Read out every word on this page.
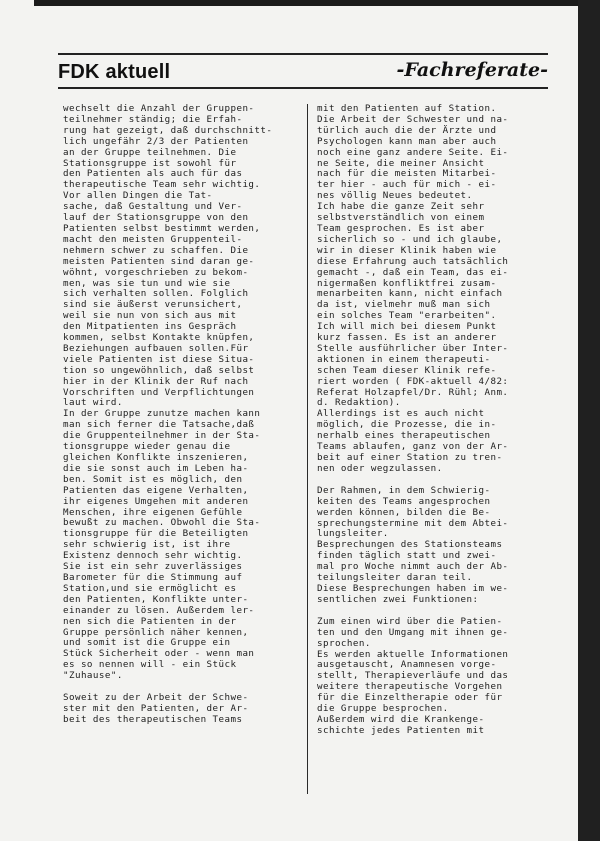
FDK aktuell	-Fachreferate-

wechselt die Anzahl der Gruppen-
teilnehmer ständig; die Erfah-
rung hat gezeigt, daß durchschnitt-
lich ungefähr 2/3 der Patienten
an der Gruppe teilnehmen. Die
Stationsgruppe ist sowohl für
den Patienten als auch für das
therapeutische Team sehr wichtig.
Vor allen Dingen die Tat-
sache, daß Gestaltung und Ver-
lauf der Stationsgruppe von den
Patienten selbst bestimmt werden,
macht den meisten Gruppenteil-
nehmern schwer zu schaffen. Die
meisten Patienten sind daran ge-
wöhnt, vorgeschrieben zu bekom-
men, was sie tun und wie sie
sich verhalten sollen. Folglich
sind sie äußerst verunsichert,
weil sie nun von sich aus mit
den Mitpatienten ins Gespräch
kommen, selbst Kontakte knüpfen,
Beziehungen aufbauen sollen.Für
viele Patienten ist diese Situa-
tion so ungewöhnlich, daß selbst
hier in der Klinik der Ruf nach
Vorschriften und Verpflichtungen
laut wird.

In der Gruppe zunutze machen kann
man sich ferner die Tatsache,daß
die Gruppenteilnehmer in der Sta-
tionsgruppe wieder genau die
gleichen Konflikte inszenieren,
die sie sonst auch im Leben ha-
ben. Somit ist es möglich, den
Patienten das eigene Verhalten,
ihr eigenes Umgehen mit anderen
Menschen, ihre eigenen Gefühle
bewußt zu machen. Obwohl die Sta-
tionsgruppe für die Beteiligten
sehr schwierig ist, ist ihre
Existenz dennoch sehr wichtig.
Sie ist ein sehr zuverlässiges
Barometer für die Stimmung auf
Station,und sie ermöglicht es
den Patienten, Konflikte unter-
einander zu lösen. Außerdem ler-
nen sich die Patienten in der
Gruppe persönlich näher kennen,
und somit ist die Gruppe ein
Stück Sicherheit oder - wenn man
es so nennen will - ein Stück
"Zuhause".

Soweit zu der Arbeit der Schwe-
ster mit den Patienten, der Ar-
beit des therapeutischen Teams

mit den Patienten auf Station.
Die Arbeit der Schwester und na-
türlich auch die der Ärzte und
Psychologen kann man aber auch
noch eine ganz andere Seite. Ei-
ne Seite, die meiner Ansicht
nach für die meisten Mitarbei-
ter hier - auch für mich - ei-
nes völlig Neues bedeutet.
Ich habe die ganze Zeit sehr
selbstverständlich von einem
Team gesprochen. Es ist aber
sicherlich so - und ich glaube,
wir in dieser Klinik haben wie
diese Erfahrung auch tatsächlich
gemacht -, daß ein Team, das ei-
nigermaßen konfliktfrei zusam-
menarbeiten kann, nicht einfach
da ist, vielmehr muß man sich
ein solches Team "erarbeiten".
Ich will mich bei diesem Punkt
kurz fassen. Es ist an anderer
Stelle ausführlicher über Inter-
aktionen in einem therapeuti-
schen Team dieser Klinik refe-
riert worden ( FDK-aktuell 4/82:
Referat Holzapfel/Dr. Rühl; Anm.
d. Redaktion).
Allerdings ist es auch nicht
möglich, die Prozesse, die in-
nerhalb eines therapeutischen
Teams ablaufen, ganz von der Ar-
beit auf einer Station zu tren-
nen oder wegzulassen.

Der Rahmen, in dem Schwierig-
keiten des Teams angesprochen
werden können, bilden die Be-
sprechungstermine mit dem Abtei-
lungsleiter.
Besprechungen des Stationsteams
finden täglich statt und zwei-
mal pro Woche nimmt auch der Ab-
teilungsleiter daran teil.
Diese Besprechungen haben im we-
sentlichen zwei Funktionen:

Zum einen wird über die Patien-
ten und den Umgang mit ihnen ge-
sprochen.
Es werden aktuelle Informationen
ausgetauscht, Anamnesen vorge-
stellt, Therapieverläufe und das
weitere therapeutische Vorgehen
für die Einzeltherapie oder für
die Gruppe besprochen.
Außerdem wird die Krankenge-
schichte jedes Patienten mit
